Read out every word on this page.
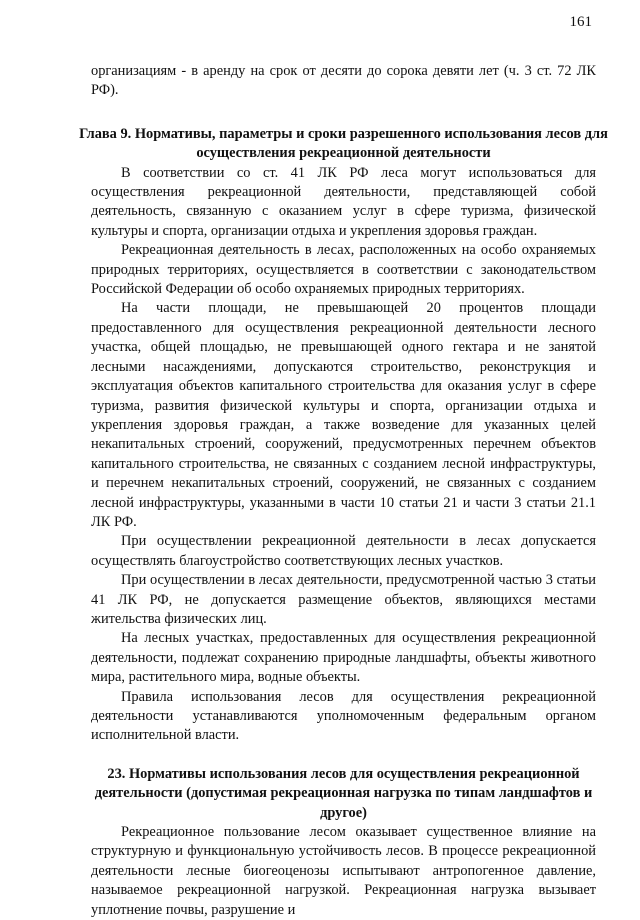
161

организациям - в аренду на срок от десяти до сорока девяти лет (ч. 3 ст. 72 ЛК РФ).

Глава 9. Нормативы, параметры и сроки разрешенного использования лесов для осуществления рекреационной деятельности

В соответствии со ст. 41 ЛК РФ леса могут использоваться для осуществления рекреационной деятельности, представляющей собой деятельность, связанную с оказанием услуг в сфере туризма, физической культуры и спорта, организации отдыха и укрепления здоровья граждан.

Рекреационная деятельность в лесах, расположенных на особо охраняемых природных территориях, осуществляется в соответствии с законодательством Российской Федерации об особо охраняемых природных территориях.

На части площади, не превышающей 20 процентов площади предоставленного для осуществления рекреационной деятельности лесного участка, общей площадью, не превышающей одного гектара и не занятой лесными насаждениями, допускаются строительство, реконструкция и эксплуатация объектов капитального строительства для оказания услуг в сфере туризма, развития физической культуры и спорта, организации отдыха и укрепления здоровья граждан, а также возведение для указанных целей некапитальных строений, сооружений, предусмотренных перечнем объектов капитального строительства, не связанных с созданием лесной инфраструктуры, и перечнем некапитальных строений, сооружений, не связанных с созданием лесной инфраструктуры, указанными в части 10 статьи 21 и части 3 статьи 21.1 ЛК РФ.

При осуществлении рекреационной деятельности в лесах допускается осуществлять благоустройство соответствующих лесных участков.

При осуществлении в лесах деятельности, предусмотренной частью 3 статьи 41 ЛК РФ, не допускается размещение объектов, являющихся местами жительства физических лиц.

На лесных участках, предоставленных для осуществления рекреационной деятельности, подлежат сохранению природные ландшафты, объекты животного мира, растительного мира, водные объекты.

Правила использования лесов для осуществления рекреационной деятельности устанавливаются уполномоченным федеральным органом исполнительной власти.

23. Нормативы использования лесов для осуществления рекреационной деятельности (допустимая рекреационная нагрузка по типам ландшафтов и другое)

Рекреационное пользование лесом оказывает существенное влияние на структурную и функциональную устойчивость лесов. В процессе рекреационной деятельности лесные биогеоценозы испытывают антропогенное давление, называемое рекреационной нагрузкой. Рекреационная нагрузка вызывает уплотнение почвы, разрушение и
